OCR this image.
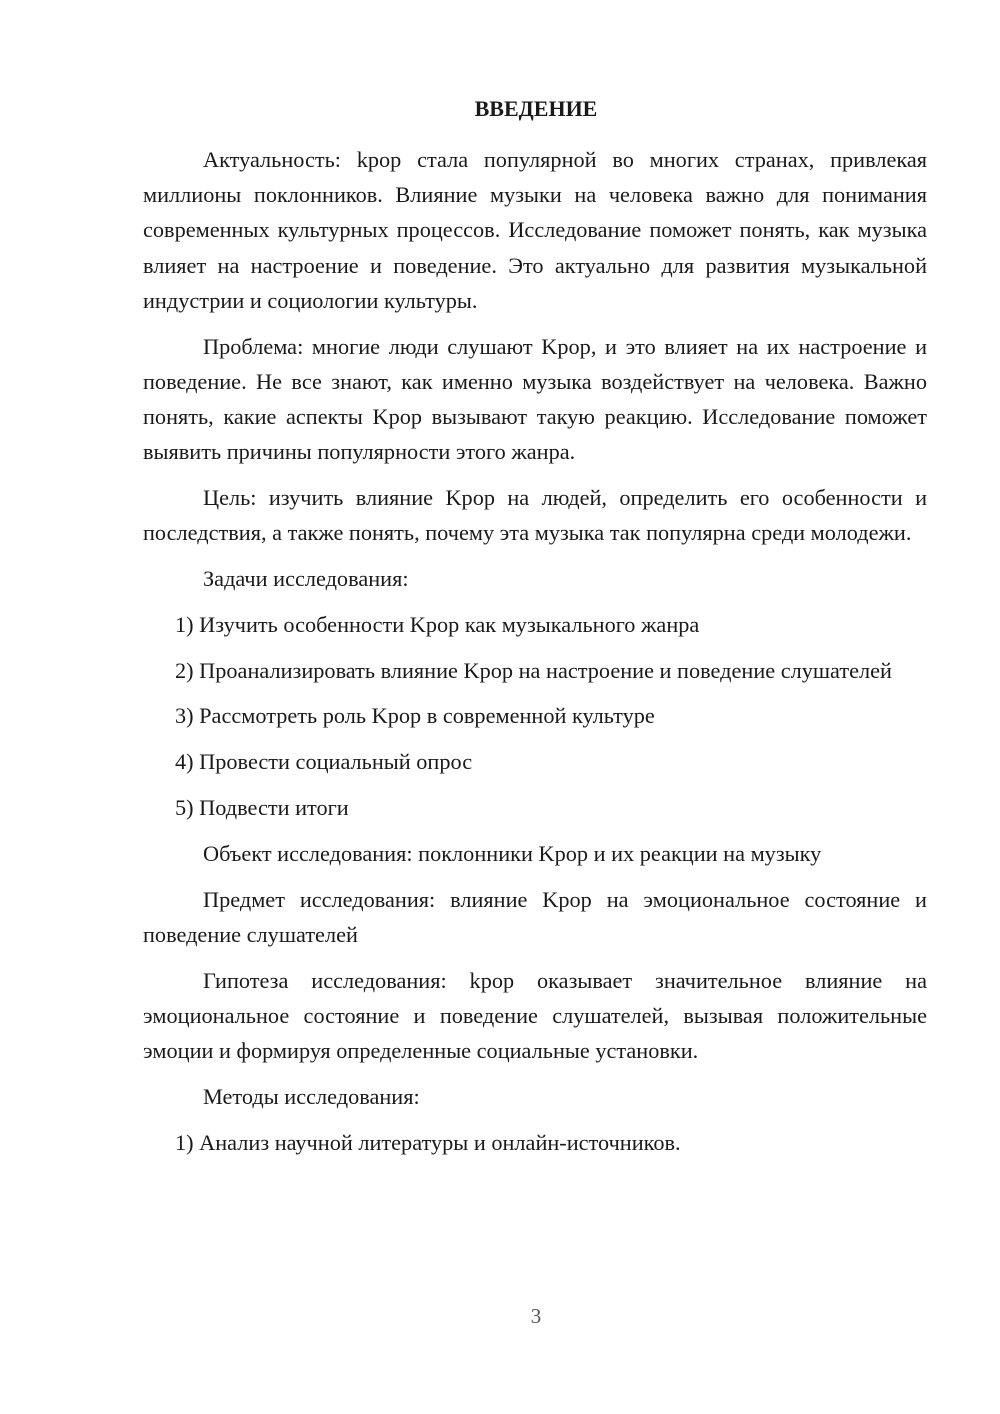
ВВЕДЕНИЕ

Актуальность: kpop стала популярной во многих странах, привлекая миллионы поклонников. Влияние музыки на человека важно для понимания современных культурных процессов. Исследование поможет понять, как музыка влияет на настроение и поведение. Это актуально для развития музыкальной индустрии и социологии культуры.

Проблема: многие люди слушают Kpop, и это влияет на их настроение и поведение. Не все знают, как именно музыка воздействует на человека. Важно понять, какие аспекты Kpop вызывают такую реакцию. Исследование поможет выявить причины популярности этого жанра.

Цель: изучить влияние Kpop на людей, определить его особенности и последствия, а также понять, почему эта музыка так популярна среди молодежи.

Задачи исследования:

1) Изучить особенности Kpop как музыкального жанра

2) Проанализировать влияние Kpop на настроение и поведение слушателей

3) Рассмотреть роль Kpop в современной культуре

4) Провести социальный опрос

5) Подвести итоги

Объект исследования: поклонники Kpop и их реакции на музыку

Предмет исследования: влияние Kpop на эмоциональное состояние и поведение слушателей

Гипотеза исследования: kpop оказывает значительное влияние на эмоциональное состояние и поведение слушателей, вызывая положительные эмоции и формируя определенные социальные установки.

Методы исследования:

1) Анализ научной литературы и онлайн-источников.

3
